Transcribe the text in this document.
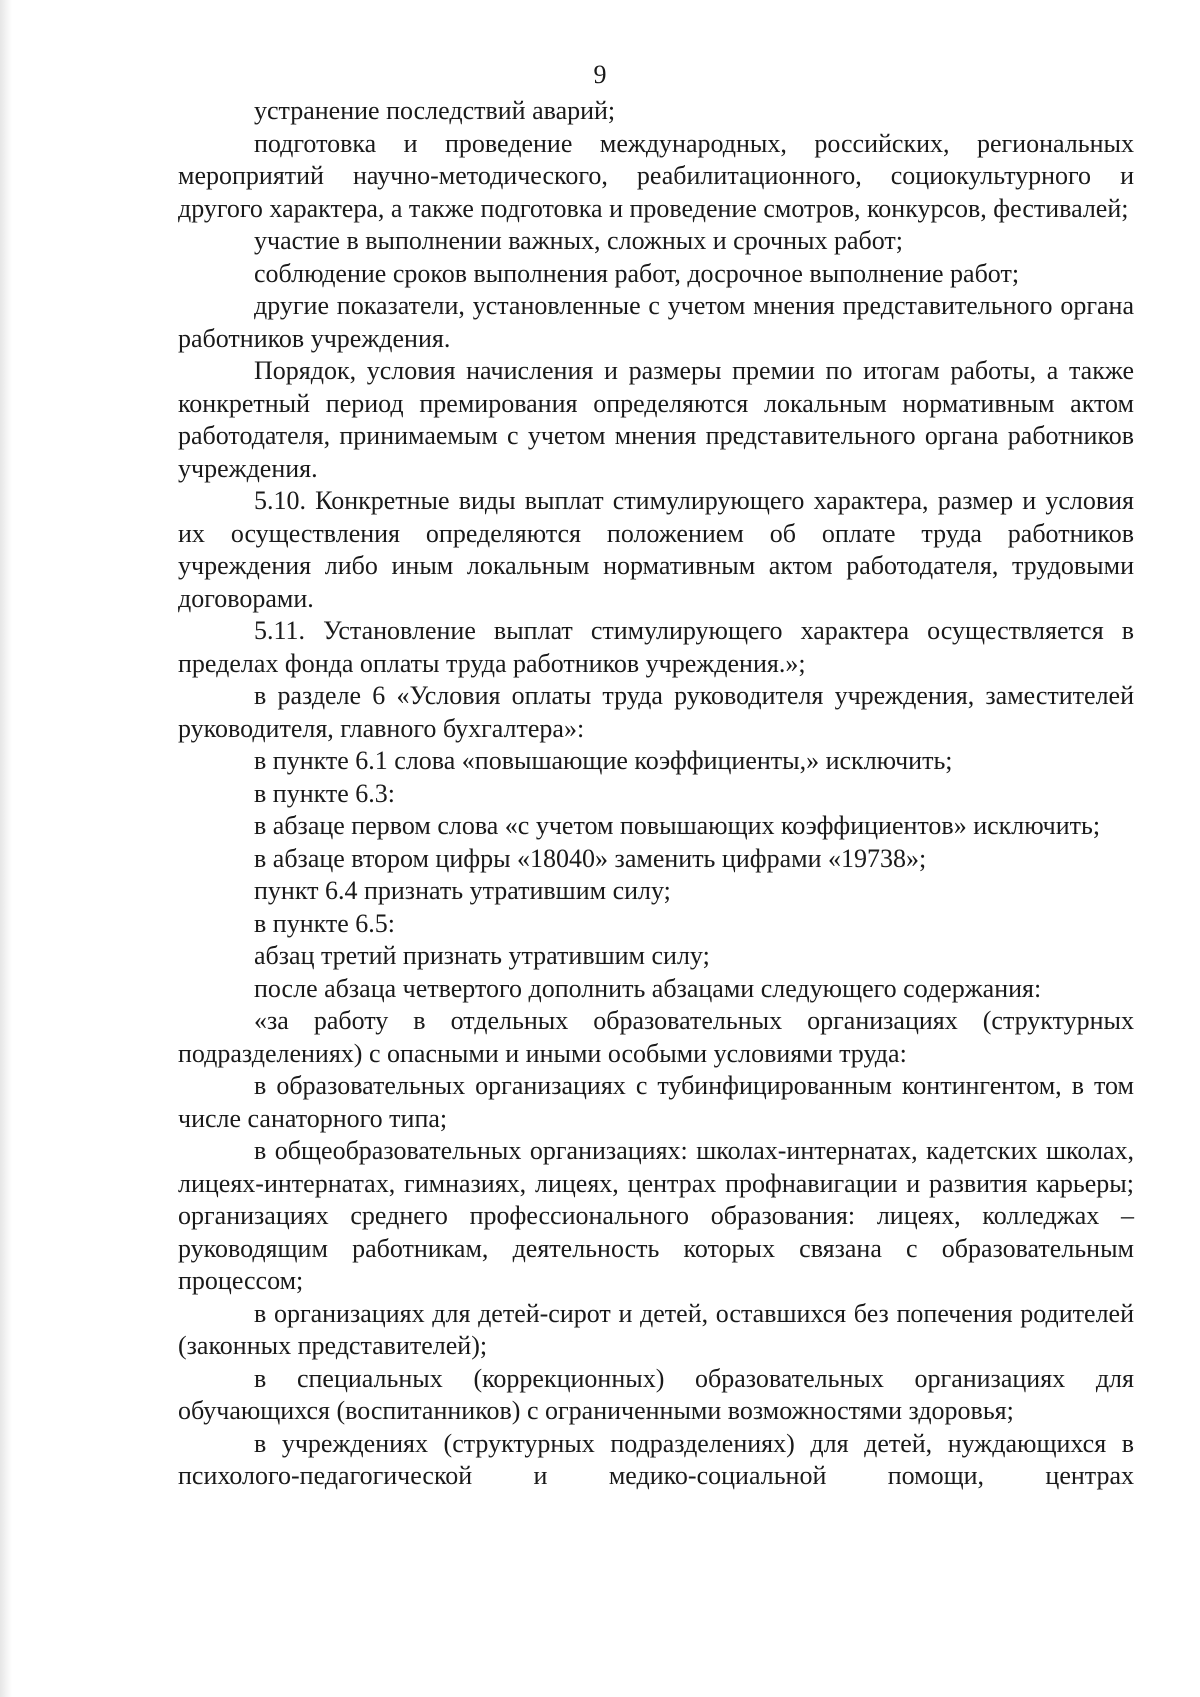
9

устранение последствий аварий;

подготовка и проведение международных, российских, региональных мероприятий научно-методического, реабилитационного, социокультурного и другого характера, а также подготовка и проведение смотров, конкурсов, фестивалей;

участие в выполнении важных, сложных и срочных работ;

соблюдение сроков выполнения работ, досрочное выполнение работ;

другие показатели, установленные с учетом мнения представительного органа работников учреждения.

Порядок, условия начисления и размеры премии по итогам работы, а также конкретный период премирования определяются локальным нормативным актом работодателя, принимаемым с учетом мнения представительного органа работников учреждения.

5.10. Конкретные виды выплат стимулирующего характера, размер и условия их осуществления определяются положением об оплате труда работников учреждения либо иным локальным нормативным актом работодателя, трудовыми договорами.

5.11. Установление выплат стимулирующего характера осуществляется в пределах фонда оплаты труда работников учреждения.»;

в разделе 6 «Условия оплаты труда руководителя учреждения, заместителей руководителя, главного бухгалтера»:

в пункте 6.1 слова «повышающие коэффициенты,» исключить;

в пункте 6.3:

в абзаце первом слова «с учетом повышающих коэффициентов» исключить;

в абзаце втором цифры «18040» заменить цифрами «19738»;

пункт 6.4 признать утратившим силу;

в пункте 6.5:

абзац третий признать утратившим силу;

после абзаца четвертого дополнить абзацами следующего содержания:

«за работу в отдельных образовательных организациях (структурных подразделениях) с опасными и иными особыми условиями труда:

в образовательных организациях с тубинфицированным контингентом, в том числе санаторного типа;

в общеобразовательных организациях: школах-интернатах, кадетских школах, лицеях-интернатах, гимназиях, лицеях, центрах профнавигации и развития карьеры; организациях среднего профессионального образования: лицеях, колледжах – руководящим работникам, деятельность которых связана с образовательным процессом;

в организациях для детей-сирот и детей, оставшихся без попечения родителей (законных представителей);

в специальных (коррекционных) образовательных организациях для обучающихся (воспитанников) с ограниченными возможностями здоровья;

в учреждениях (структурных подразделениях) для детей, нуждающихся в психолого-педагогической и медико-социальной помощи, центрах
